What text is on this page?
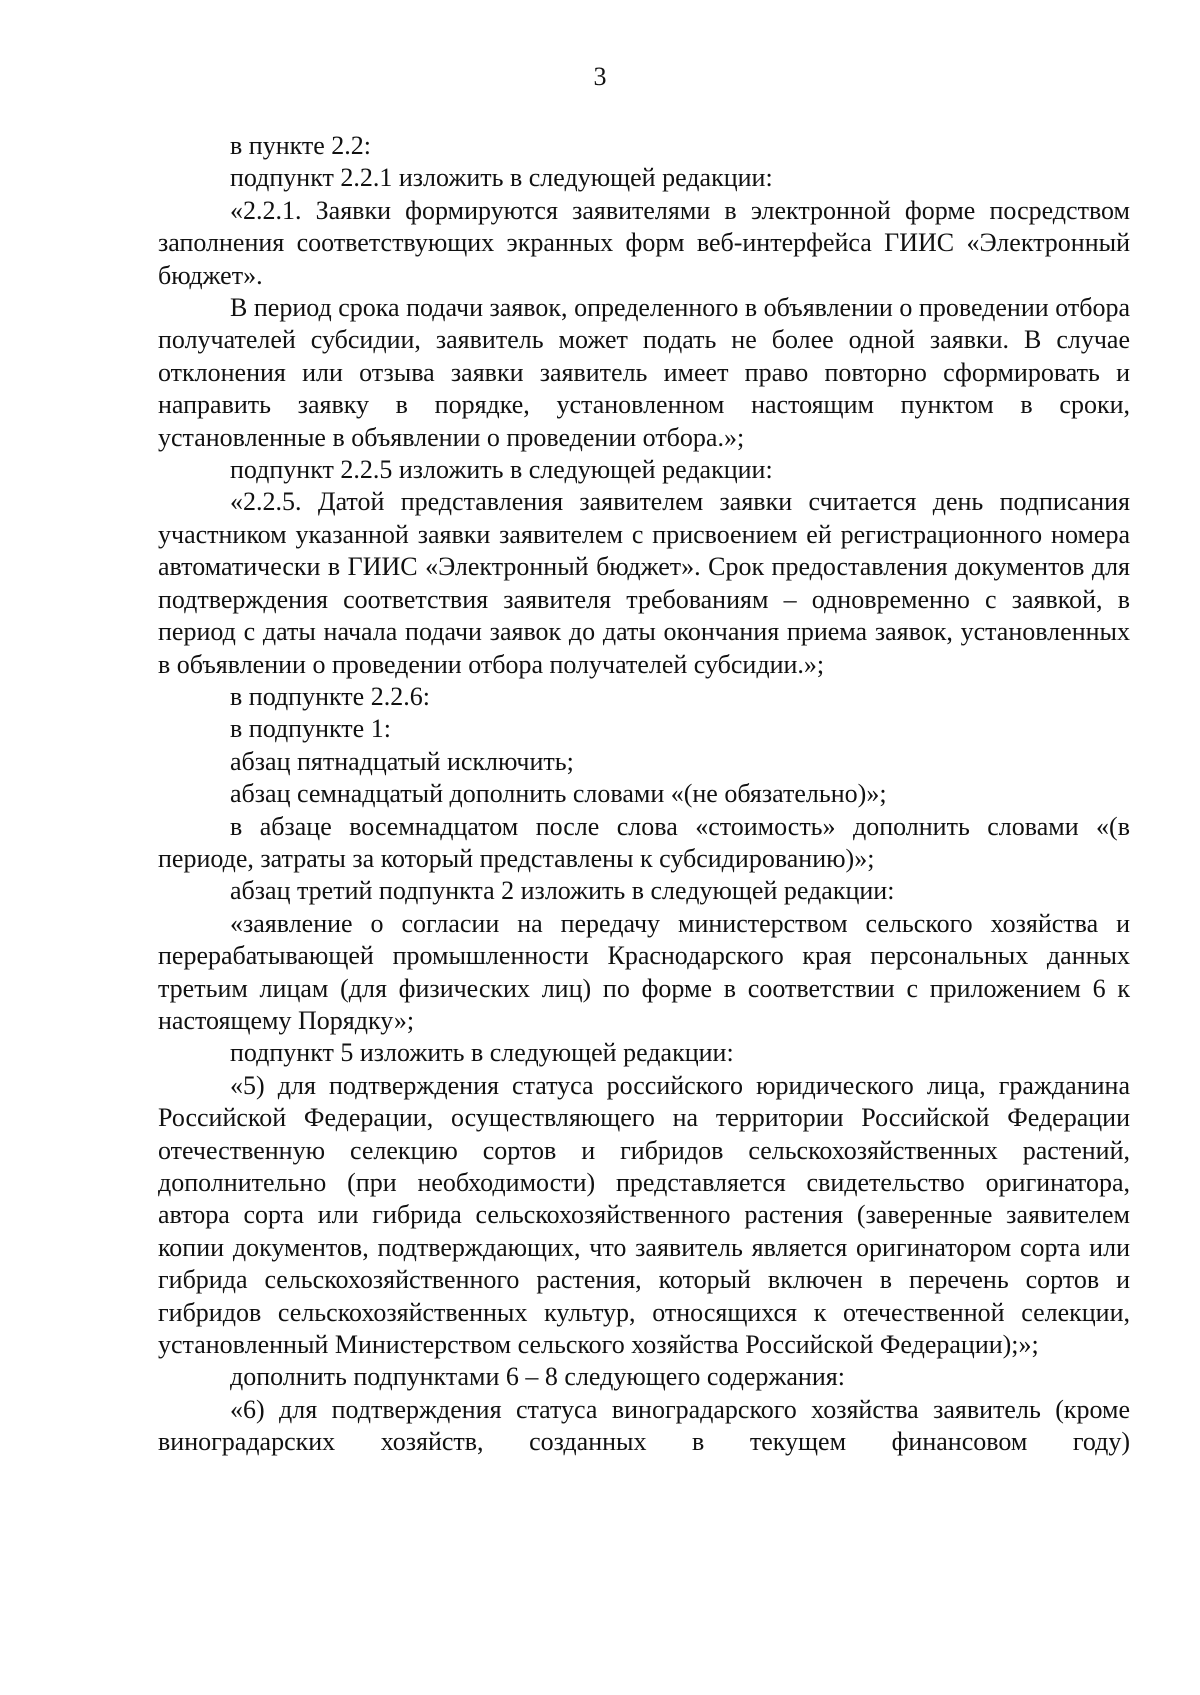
3

в пункте 2.2:

подпункт 2.2.1 изложить в следующей редакции:

«2.2.1. Заявки формируются заявителями в электронной форме посредством заполнения соответствующих экранных форм веб-интерфейса ГИИС «Электронный бюджет».

В период срока подачи заявок, определенного в объявлении о проведении отбора получателей субсидии, заявитель может подать не более одной заявки. В случае отклонения или отзыва заявки заявитель имеет право повторно сформировать и направить заявку в порядке, установленном настоящим пунктом в сроки, установленные в объявлении о проведении отбора.»;

подпункт 2.2.5 изложить в следующей редакции:

«2.2.5. Датой представления заявителем заявки считается день подписания участником указанной заявки заявителем с присвоением ей регистрационного номера автоматически в ГИИС «Электронный бюджет». Срок предоставления документов для подтверждения соответствия заявителя требованиям – одновременно с заявкой, в период с даты начала подачи заявок до даты окончания приема заявок, установленных в объявлении о проведении отбора получателей субсидии.»;

в подпункте 2.2.6:

в подпункте 1:

абзац пятнадцатый исключить;

абзац семнадцатый дополнить словами «(не обязательно)»;

в абзаце восемнадцатом после слова «стоимость» дополнить словами «(в периоде, затраты за который представлены к субсидированию)»;

абзац третий подпункта 2 изложить в следующей редакции:

«заявление о согласии на передачу министерством сельского хозяйства и перерабатывающей промышленности Краснодарского края персональных данных третьим лицам (для физических лиц) по форме в соответствии с приложением 6 к настоящему Порядку»;

подпункт 5 изложить в следующей редакции:

«5) для подтверждения статуса российского юридического лица, гражданина Российской Федерации, осуществляющего на территории Российской Федерации отечественную селекцию сортов и гибридов сельскохозяйственных растений, дополнительно (при необходимости) представляется свидетельство оригинатора, автора сорта или гибрида сельскохозяйственного растения (заверенные заявителем копии документов, подтверждающих, что заявитель является оригинатором сорта или гибрида сельскохозяйственного растения, который включен в перечень сортов и гибридов сельскохозяйственных культур, относящихся к отечественной селекции, установленный Министерством сельского хозяйства Российской Федерации);»;

дополнить подпунктами 6 – 8 следующего содержания:

«6) для подтверждения статуса виноградарского хозяйства заявитель (кроме виноградарских хозяйств, созданных в текущем финансовом году)
